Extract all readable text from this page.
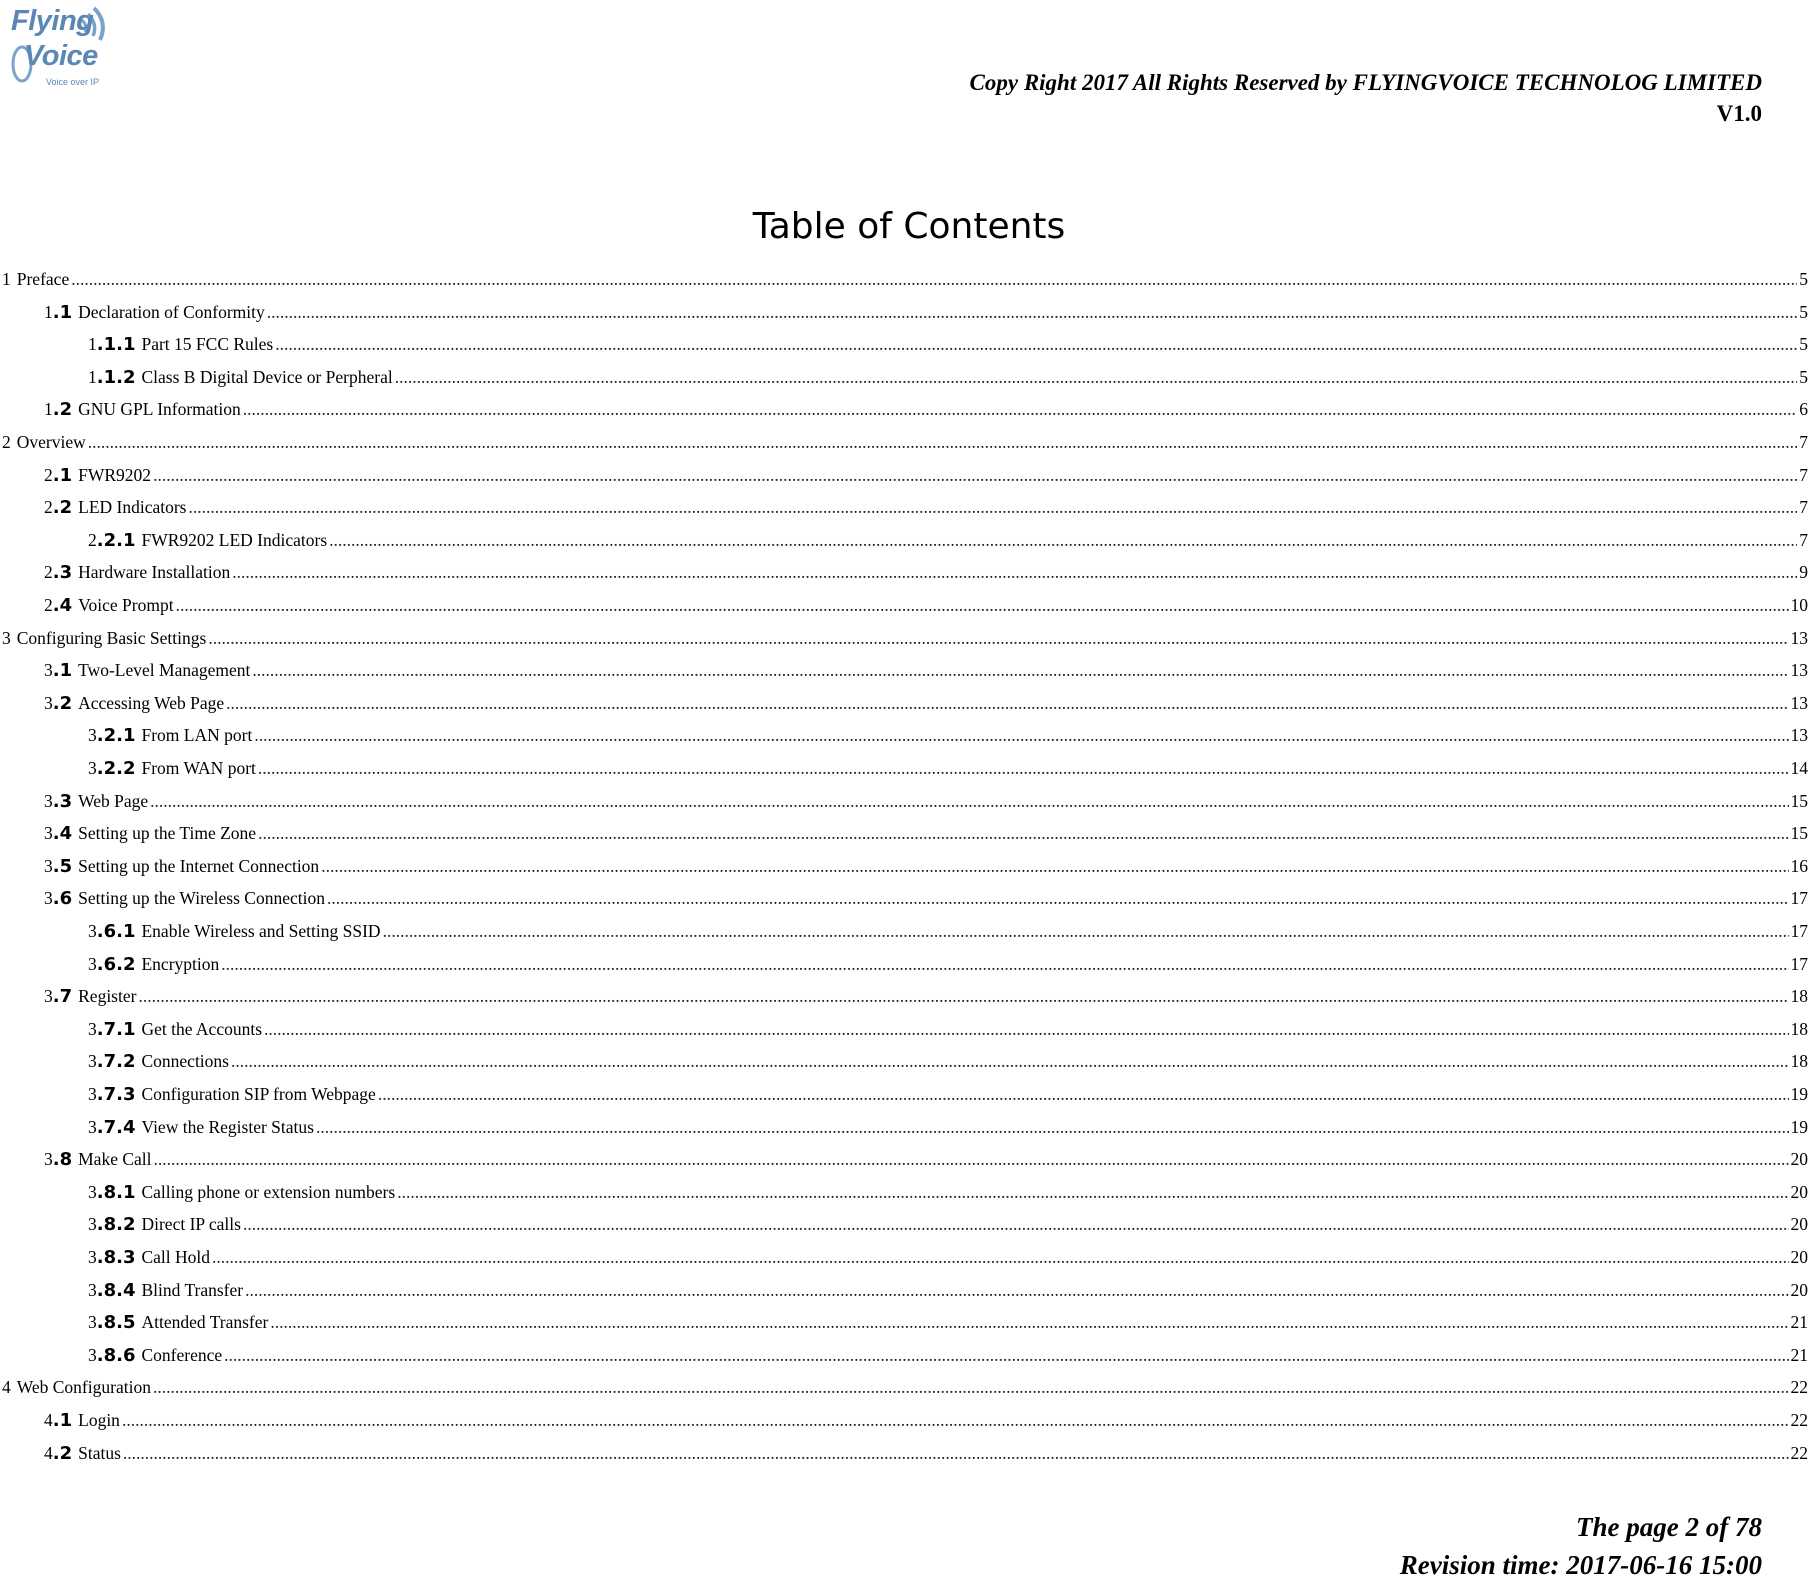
Flying
Voice
Voice over IP	Copy Right 2017 All Rights Reserved by FLYINGVOICE TECHNOLOG LIMITED
V1.0
Table of Contents
1 Preface .....	5
1.1 Declaration of Conformity .....	5
1.1.1 Part 15 FCC Rules .....	5
1.1.2 Class B Digital Device or Perpheral .....	5
1.2 GNU GPL Information .....	6
2 Overview .....	7
2.1 FWR9202 .....	7
2.2 LED Indicators .....	7
2.2.1 FWR9202 LED Indicators .....	7
2.3 Hardware Installation .....	9
2.4 Voice Prompt .....	10
3 Configuring Basic Settings .....	13
3.1 Two-Level Management .....	13
3.2 Accessing Web Page .....	13
3.2.1 From LAN port .....	13
3.2.2 From WAN port .....	14
3.3 Web Page .....	15
3.4 Setting up the Time Zone .....	15
3.5 Setting up the Internet Connection .....	16
3.6 Setting up the Wireless Connection .....	17
3.6.1 Enable Wireless and Setting SSID .....	17
3.6.2 Encryption .....	17
3.7 Register .....	18
3.7.1 Get the Accounts .....	18
3.7.2 Connections .....	18
3.7.3 Configuration SIP from Webpage .....	19
3.7.4 View the Register Status .....	19
3.8 Make Call .....	20
3.8.1 Calling phone or extension numbers .....	20
3.8.2 Direct IP calls .....	20
3.8.3 Call Hold .....	20
3.8.4 Blind Transfer .....	20
3.8.5 Attended Transfer .....	21
3.8.6 Conference .....	21
4 Web Configuration .....	22
4.1 Login .....	22
4.2 Status .....	22
The page 2 of 78
Revision time: 2017-06-16 15:00
